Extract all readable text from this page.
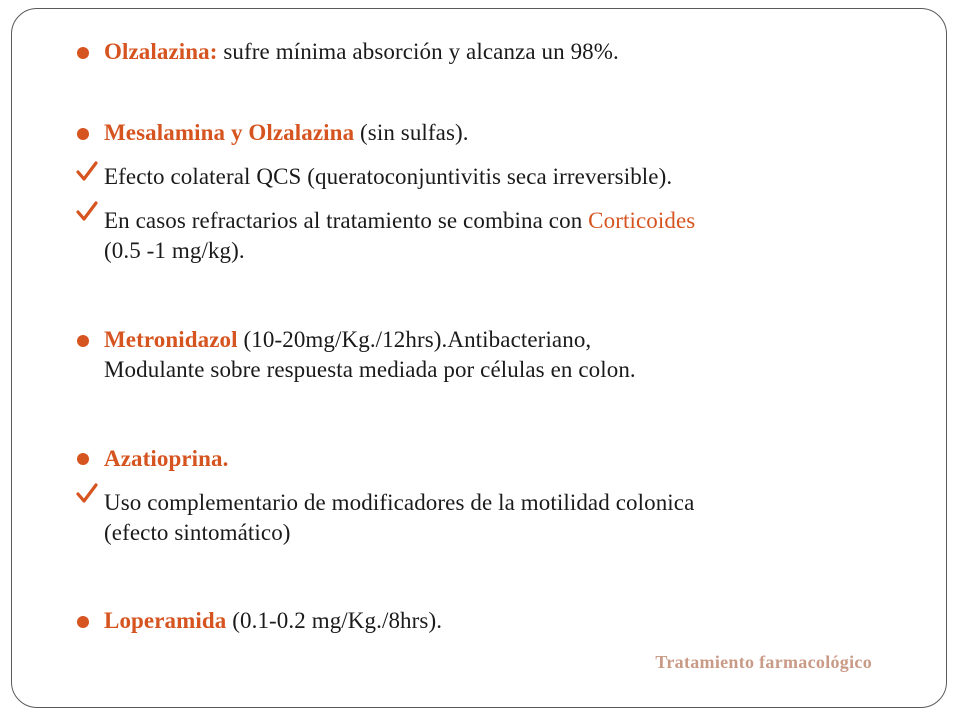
Olzalazina: sufre mínima absorción y alcanza un 98%.
Mesalamina y Olzalazina (sin sulfas).
Efecto colateral QCS (queratoconjuntivitis seca irreversible).
En casos refractarios al tratamiento se combina con Corticoides
(0.5 -1 mg/kg).
Metronidazol (10-20mg/Kg./12hrs).Antibacteriano,
Modulante sobre respuesta mediada por células en colon.
Azatioprina.
Uso complementario de modificadores de la motilidad colonica
(efecto sintomático)
Loperamida (0.1-0.2 mg/Kg./8hrs).
Tratamiento farmacológico
